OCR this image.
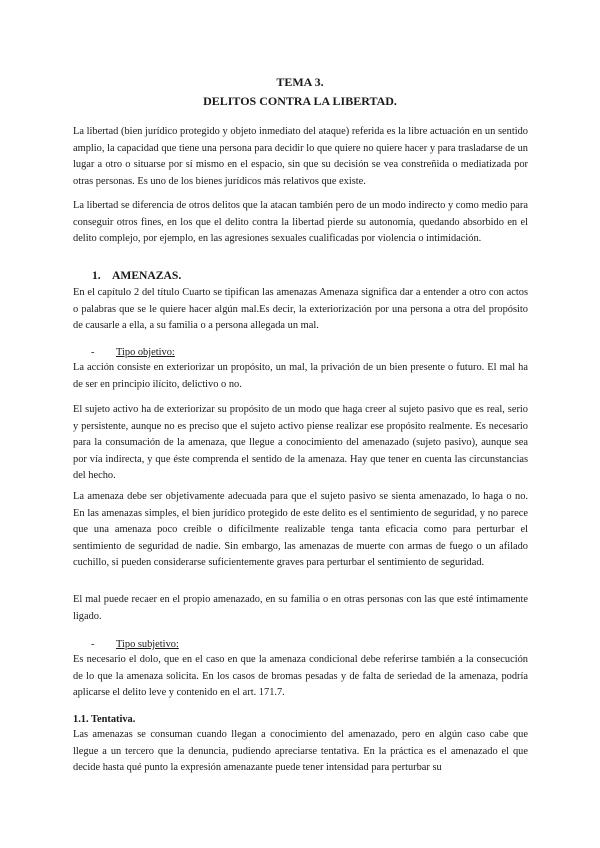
TEMA 3.
DELITOS CONTRA LA LIBERTAD.

La libertad (bien jurídico protegido y objeto inmediato del ataque) referida es la libre actuación en un sentido amplio, la capacidad que tiene una persona para decidir lo que quiere no quiere hacer y para trasladarse de un lugar a otro o situarse por sí mismo en el espacio, sin que su decisión se vea constreñida o mediatizada por otras personas. Es uno de los bienes jurídicos más relativos que existe.

La libertad se diferencia de otros delitos que la atacan también pero de un modo indirecto y como medio para conseguir otros fines, en los que el delito contra la libertad pierde su autonomía, quedando absorbido en el delito complejo, por ejemplo, en las agresiones sexuales cualificadas por violencia o intimidación.

1. AMENAZAS.

En el capítulo 2 del título Cuarto se tipifican las amenazas Amenaza significa dar a entender a otro con actos o palabras que se le quiere hacer algún mal.Es decir, la exteriorización por una persona a otra del propósito de causarle a ella, a su familia o a persona allegada un mal.

- Tipo objetivo:

La acción consiste en exteriorizar un propósito, un mal, la privación de un bien presente o futuro. El mal ha de ser en principio ilícito, delictivo o no.

El sujeto activo ha de exteriorizar su propósito de un modo que haga creer al sujeto pasivo que es real, serio y persistente, aunque no es preciso que el sujeto activo piense realizar ese propósito realmente. Es necesario para la consumación de la amenaza, que llegue a conocimiento del amenazado (sujeto pasivo), aunque sea por vía indirecta, y que éste comprenda el sentido de la amenaza. Hay que tener en cuenta las circunstancias del hecho.

La amenaza debe ser objetivamente adecuada para que el sujeto pasivo se sienta amenazado, lo haga o no. En las amenazas simples, el bien jurídico protegido de este delito es el sentimiento de seguridad, y no parece que una amenaza poco creíble o difícilmente realizable tenga tanta eficacia como para perturbar el sentimiento de seguridad de nadie. Sin embargo, las amenazas de muerte con armas de fuego o un afilado cuchillo, si pueden considerarse suficientemente graves para perturbar el sentimiento de seguridad.

El mal puede recaer en el propio amenazado, en su familia o en otras personas con las que esté íntimamente ligado.

- Tipo subjetivo:

Es necesario el dolo, que en el caso en que la amenaza condicional debe referirse también a la consecución de lo que la amenaza solicita. En los casos de bromas pesadas y de falta de seriedad de la amenaza, podría aplicarse el delito leve y contenido en el art. 171.7.

1.1. Tentativa.

Las amenazas se consuman cuando llegan a conocimiento del amenazado, pero en algún caso cabe que llegue a un tercero que la denuncia, pudiendo apreciarse tentativa. En la práctica es el amenazado el que decide hasta qué punto la expresión amenazante puede tener intensidad para perturbar su
